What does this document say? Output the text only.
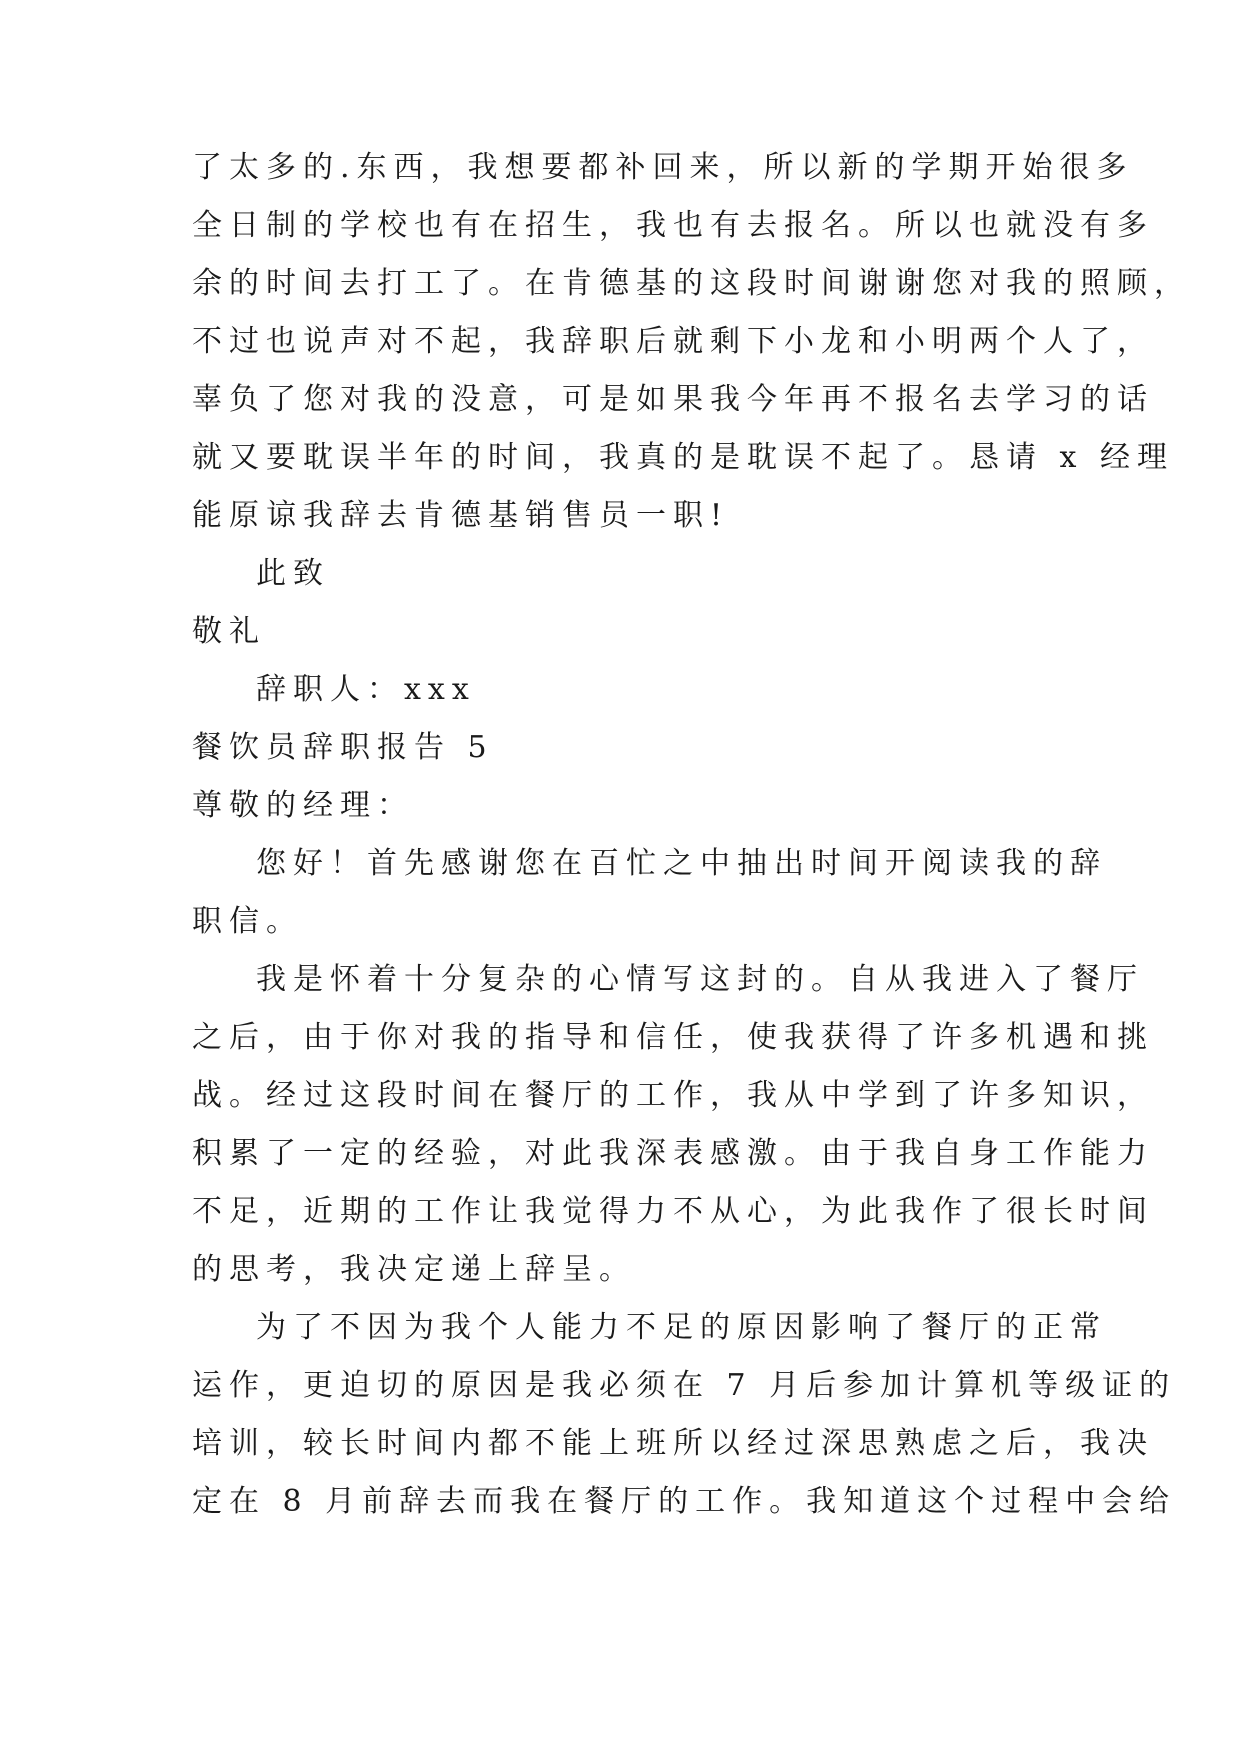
了太多的.东西，我想要都补回来，所以新的学期开始很多
全日制的学校也有在招生，我也有去报名。所以也就没有多
余的时间去打工了。在肯德基的这段时间谢谢您对我的照顾，
不过也说声对不起，我辞职后就剩下小龙和小明两个人了，
辜负了您对我的没意，可是如果我今年再不报名去学习的话
就又要耽误半年的时间，我真的是耽误不起了。恳请 x 经理
能原谅我辞去肯德基销售员一职!
此致
敬礼
辞职人：xxx
餐饮员辞职报告 5
尊敬的经理：
您好！首先感谢您在百忙之中抽出时间开阅读我的辞
职信。
我是怀着十分复杂的心情写这封的。自从我进入了餐厅
之后，由于你对我的指导和信任，使我获得了许多机遇和挑
战。经过这段时间在餐厅的工作，我从中学到了许多知识，
积累了一定的经验，对此我深表感激。由于我自身工作能力
不足，近期的工作让我觉得力不从心，为此我作了很长时间
的思考，我决定递上辞呈。
为了不因为我个人能力不足的原因影响了餐厅的正常
运作，更迫切的原因是我必须在 7 月后参加计算机等级证的
培训，较长时间内都不能上班所以经过深思熟虑之后，我决
定在 8 月前辞去而我在餐厅的工作。我知道这个过程中会给
